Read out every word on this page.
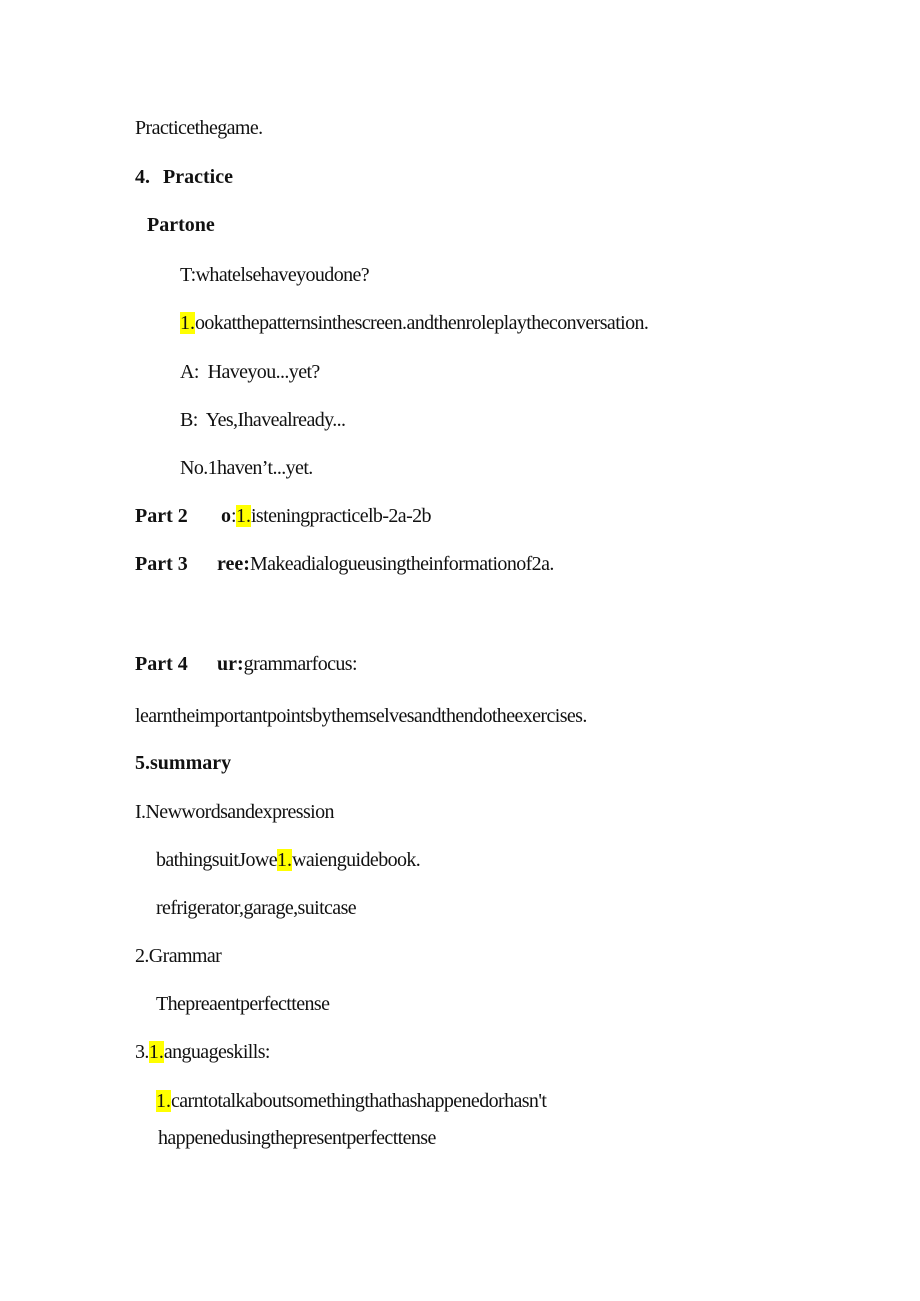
Practicethegame.
4. Practice
Partone
T:whatelsehaveyoudone?
1.ookatthepatternsinthescreen.andthenroleplaytheconversation.
A:  Haveyou...yet?
B:  Yes,Ihavealready...
No.1haven’t...yet.
Part 2 o:1.isteningpracticelb-2a-2b
Part 3 ree:Makeadialogueusingtheinformationof2a.
Part 4 ur:grammarfocus:
learntheimportantpointsbythemselvesandthendotheexercises.
5.summary
I.Newwordsandexpression
bathingsuitJowe1.waienguidebook.
refrigerator,garage,suitcase
2.Grammar
Thepreaentperfecttense
3.1.anguageskills:
1.carntotalkaboutsomethingthathashappenedorhasn't
happenedusingthepresentperfecttense
